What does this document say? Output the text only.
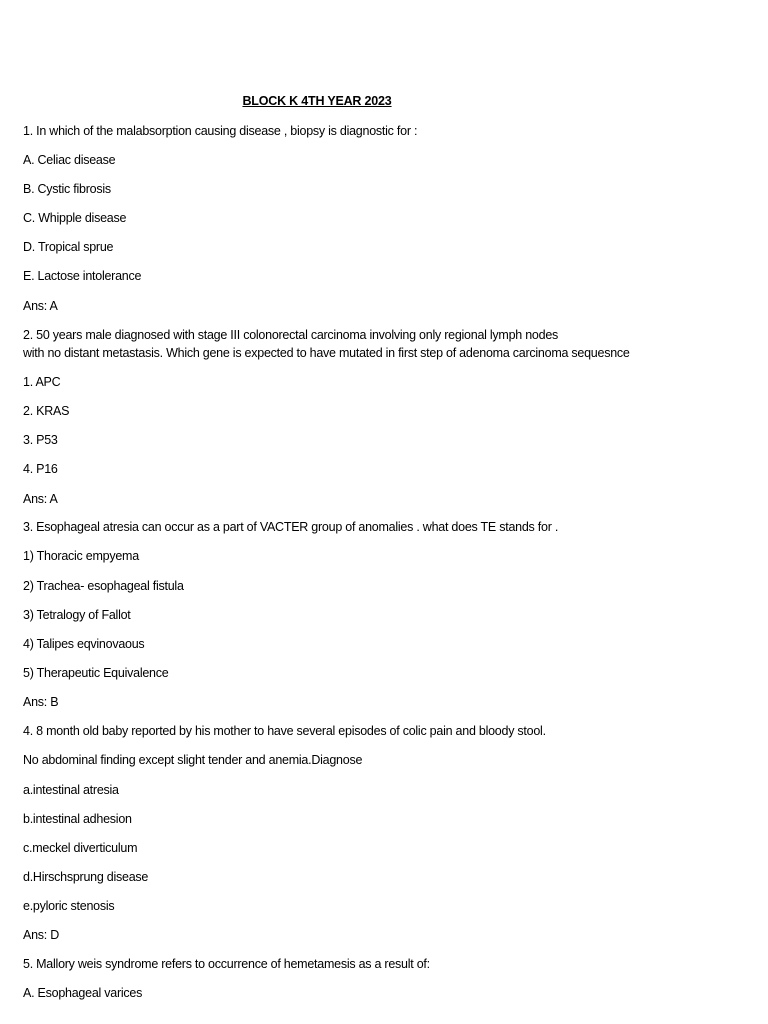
BLOCK K 4TH YEAR 2023
1. In which of the malabsorption causing disease , biopsy is diagnostic for :
A. Celiac disease
B. Cystic fibrosis
C. Whipple disease
D. Tropical sprue
E. Lactose intolerance
Ans: A
2. 50 years male diagnosed with stage III colonorectal carcinoma involving only regional lymph nodes
with no distant metastasis. Which gene is expected to have mutated in first step of adenoma carcinoma sequesnce
1. APC
2. KRAS
3. P53
4. P16
Ans: A
3. Esophageal atresia can occur as a part of VACTER group of anomalies . what does TE stands for .
1) Thoracic empyema
2) Trachea- esophageal fistula
3) Tetralogy of Fallot
4) Talipes eqvinovaous
5) Therapeutic Equivalence
Ans: B
4. 8 month old baby reported by his mother to have several episodes of colic pain and bloody stool.
No abdominal finding except slight tender and anemia.Diagnose
a.intestinal atresia
b.intestinal adhesion
c.meckel diverticulum
d.Hirschsprung disease
e.pyloric stenosis
Ans: D
5. Mallory weis syndrome refers to occurrence of hemetamesis as a result of:
A. Esophageal varices
